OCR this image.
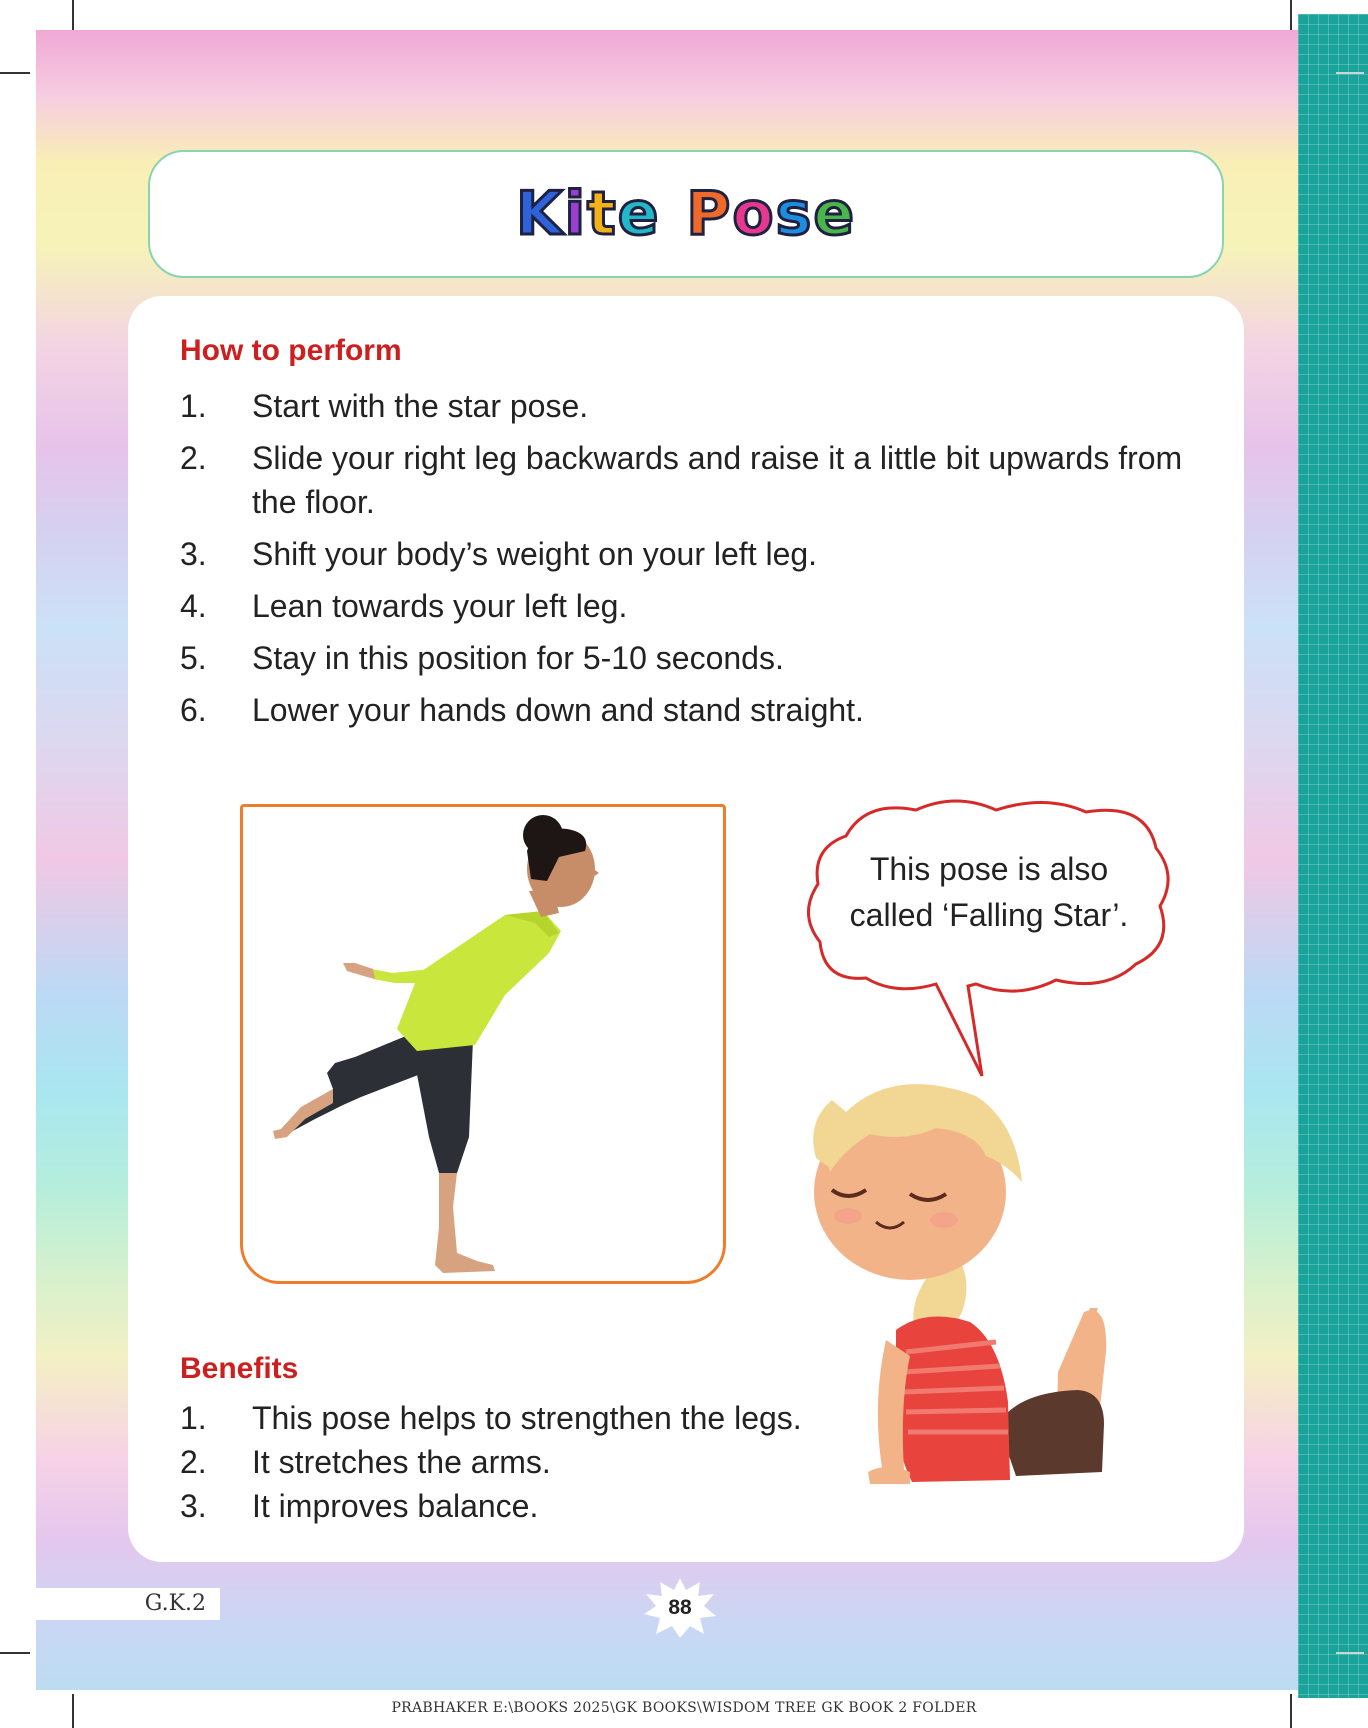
Kite Pose
How to perform
1.	Start with the star pose.
2.	Slide your right leg backwards and raise it a little bit upwards from the floor.
3.	Shift your body’s weight on your left leg.
4.	Lean towards your left leg.
5.	Stay in this position for 5-10 seconds.
6.	Lower your hands down and stand straight.
This pose is also
called ‘Falling Star’.
Benefits
1.	This pose helps to strengthen the legs.
2.	It stretches the arms.
3.	It improves balance.
G.K.2	88
PRABHAKER E:\BOOKS 2025\GK BOOKS\WISDOM TREE GK BOOK 2 FOLDER
